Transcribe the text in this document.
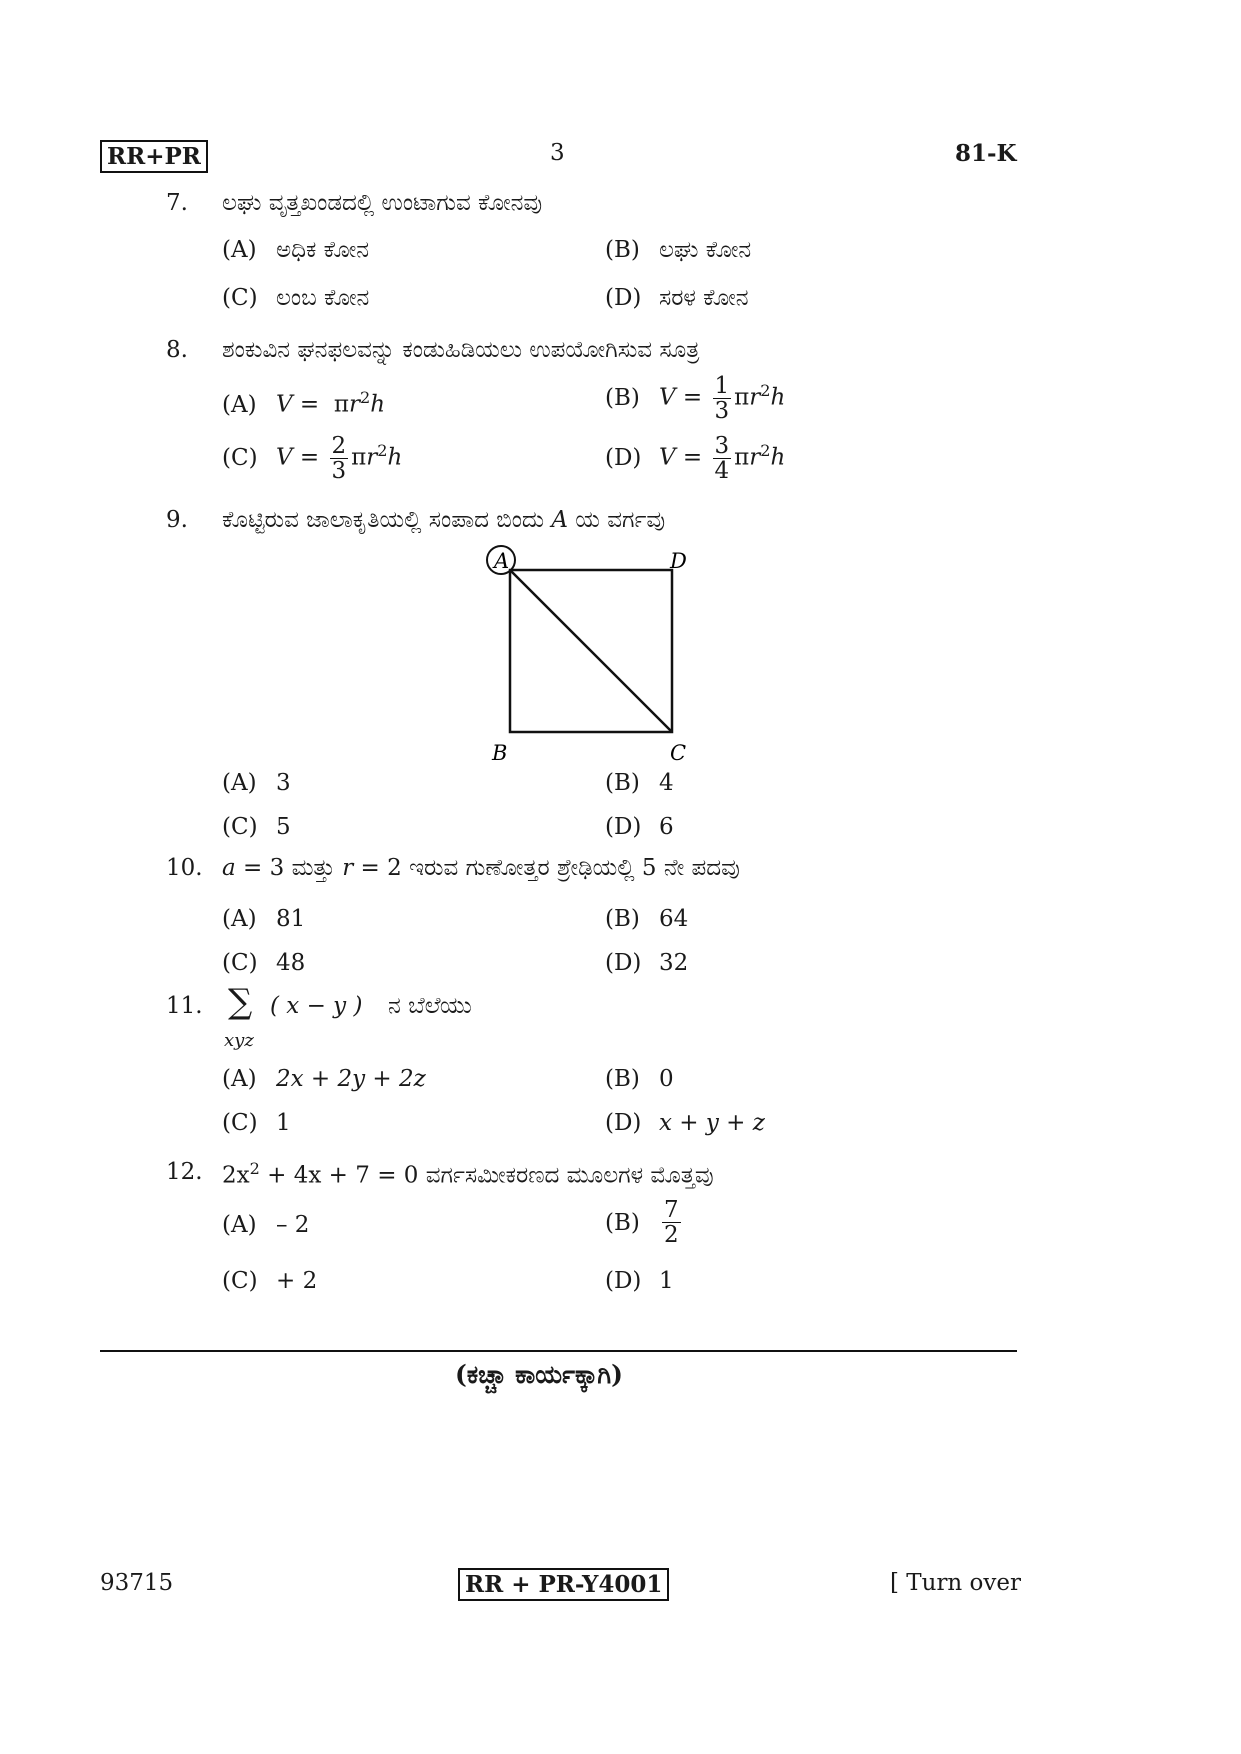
RR+PR	3	81-K
7. ಲಘು ವೃತ್ತಖಂಡದಲ್ಲಿ ಉಂಟಾಗುವ ಕೋನವು
(A) ಅಧಿಕ ಕೋನ	(B) ಲಘು ಕೋನ
(C) ಲಂಬ ಕೋನ	(D) ಸರಳ ಕೋನ
8. ಶಂಕುವಿನ ಘನಫಲವನ್ನು ಕಂಡುಹಿಡಿಯಲು ಉಪಯೋಗಿಸುವ ಸೂತ್ರ
(A) $V = \pi r^2h$	(B) $V = \frac{1}{3} \pi r^2h$
(C) $V = \frac{2}{3} \pi r^2h$	(D) $V = \frac{3}{4} \pi r^2h$
9. ಕೊಟ್ಟಿರುವ ಜಾಲಾಕೃತಿಯಲ್ಲಿ ಸಂಪಾದ ಬಿಂದು A ಯ ವರ್ಗವು
A	D
B	C
(A) 3	(B) 4
(C) 5	(D) 6
10. a = 3 ಮತ್ತು r = 2 ಇರುವ ಗುಣೋತ್ತರ ಶ್ರೇಢಿಯಲ್ಲಿ 5 ನೇ ಪದವು
(A) 81	(B) 64
(C) 48	(D) 32
11. ∑
xyz
( x − y ) ನ ಬೆಲೆಯು
(A) 2x + 2y + 2z	(B) 0
(C) 1	(D) x + y + z
12. $2x^2 + 4x + 7 = 0$ ವರ್ಗಸಮೀಕರಣದ ಮೂಲಗಳ ಮೊತ್ತವು
(A) – 2	$(B) \frac{7}{2}$
(C) + 2	(D) 1
(ಕಚ್ಚಾ ಕಾರ್ಯಕ್ಕಾಗಿ)
93715	RR + PR-Y4001	[ Turn over
